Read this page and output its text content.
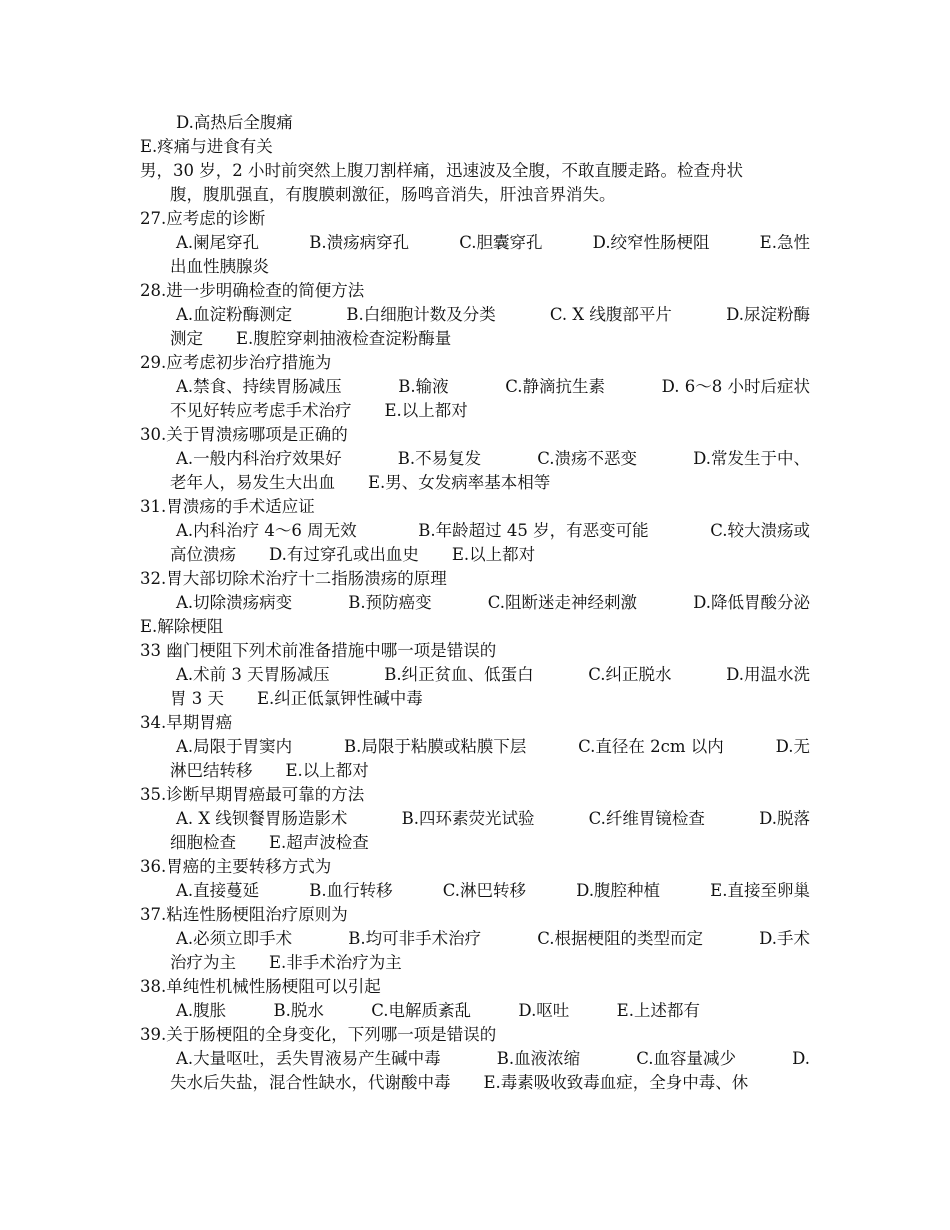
D.高热后全腹痛
E.疼痛与进食有关
男，30 岁，2 小时前突然上腹刀割样痛，迅速波及全腹，不敢直腰走路。检查舟状
腹，腹肌强直，有腹膜刺激征，肠鸣音消失，肝浊音界消失。
27.应考虑的诊断
A.阑尾穿孔	B.溃疡病穿孔	C.胆囊穿孔	D.绞窄性肠梗阻	E.急性
出血性胰腺炎
28.进一步明确检查的简便方法
A.血淀粉酶测定	B.白细胞计数及分类	C. X 线腹部平片	D.尿淀粉酶
测定　　E.腹腔穿刺抽液检查淀粉酶量
29.应考虑初步治疗措施为
A.禁食、持续胃肠减压	B.输液	C.静滴抗生素	D. 6～8 小时后症状
不见好转应考虑手术治疗　　E.以上都对
30.关于胃溃疡哪项是正确的
A.一般内科治疗效果好	B.不易复发	C.溃疡不恶变	D.常发生于中、
老年人，易发生大出血　　E.男、女发病率基本相等
31.胃溃疡的手术适应证
A.内科治疗 4～6 周无效	B.年龄超过 45 岁，有恶变可能	C.较大溃疡或
高位溃疡　　D.有过穿孔或出血史　　E.以上都对
32.胃大部切除术治疗十二指肠溃疡的原理
A.切除溃疡病变	B.预防癌变	C.阻断迷走神经刺激	D.降低胃酸分泌
E.解除梗阻
33 幽门梗阻下列术前准备措施中哪一项是错误的
A.术前 3 天胃肠减压	B.纠正贫血、低蛋白	C.纠正脱水	D.用温水洗
胃 3 天　　E.纠正低氯钾性碱中毒
34.早期胃癌
A.局限于胃窦内	B.局限于粘膜或粘膜下层	C.直径在 2cm 以内	D.无
淋巴结转移　　E.以上都对
35.诊断早期胃癌最可靠的方法
A. X 线钡餐胃肠造影术	B.四环素荧光试验	C.纤维胃镜检查	D.脱落
细胞检查　　E.超声波检查
36.胃癌的主要转移方式为
A.直接蔓延	B.血行转移	C.淋巴转移	D.腹腔种植	E.直接至卵巢
37.粘连性肠梗阻治疗原则为
A.必须立即手术	B.均可非手术治疗	C.根据梗阻的类型而定	D.手术
治疗为主　　E.非手术治疗为主
38.单纯性机械性肠梗阻可以引起
A.腹胀	B.脱水	C.电解质紊乱	D.呕吐	E.上述都有
39.关于肠梗阻的全身变化，下列哪一项是错误的
A.大量呕吐，丢失胃液易产生碱中毒	B.血液浓缩	C.血容量减少	D.
失水后失盐，混合性缺水，代谢酸中毒　　E.毒素吸收致毒血症，全身中毒、休
